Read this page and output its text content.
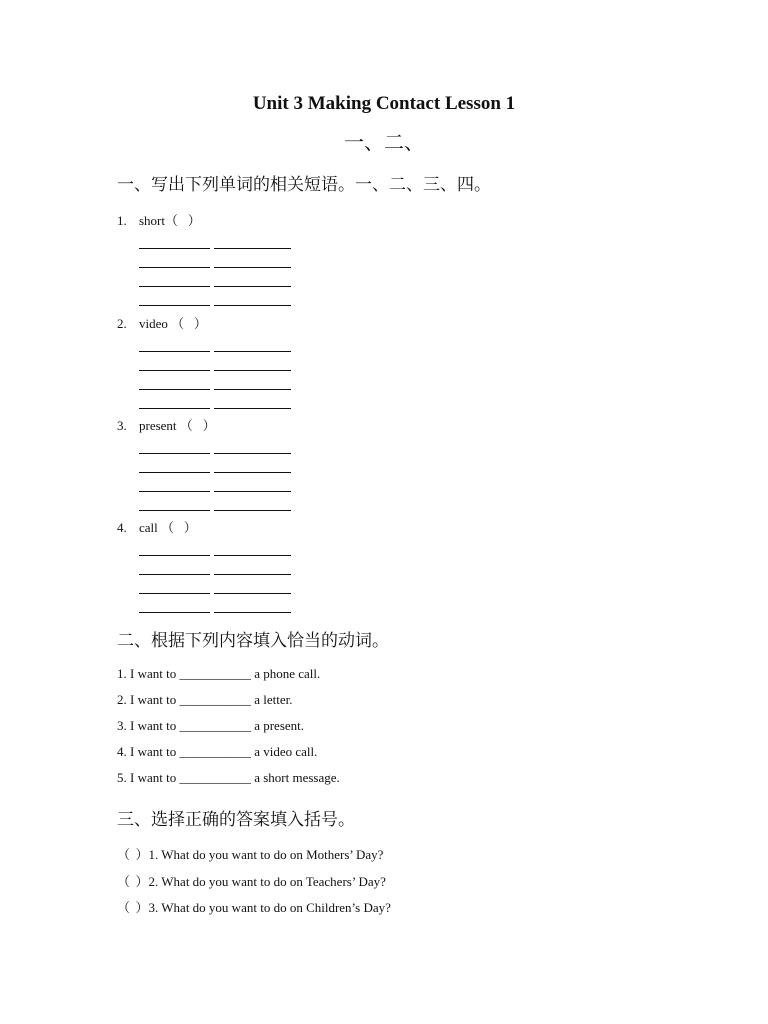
Unit 3 Making Contact Lesson 1
一、二、
一、写出下列单词的相关短语。一、二、三、四。
1. short（ ）
2. video （ ）
3. present （ ）
4. call （ ）
二、根据下列内容填入恰当的动词。
1. I want to ___________ a phone call.
2. I want to ___________ a letter.
3. I want to ___________ a present.
4. I want to ___________ a video call.
5. I want to ___________ a short message.
三、选择正确的答案填入括号。
（ ）1. What do you want to do on Mothers’ Day?
（ ）2. What do you want to do on Teachers’ Day?
（ ）3. What do you want to do on Children’s Day?
